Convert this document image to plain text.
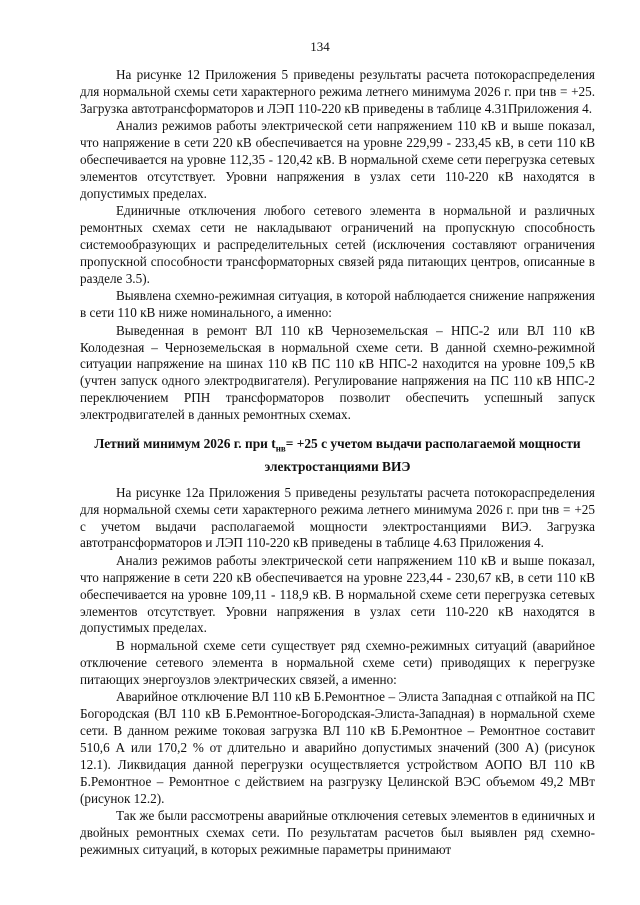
134

На рисунке 12 Приложения 5 приведены результаты расчета потокораспределения для нормальной схемы сети характерного режима летнего минимума 2026 г. при tнв = +25. Загрузка автотрансформаторов и ЛЭП 110-220 кВ приведены в таблице 4.31Приложения 4.

Анализ режимов работы электрической сети напряжением 110 кВ и выше показал, что напряжение в сети 220 кВ обеспечивается на уровне 229,99 - 233,45 кВ, в сети 110 кВ обеспечивается на уровне 112,35 - 120,42 кВ. В нормальной схеме сети перегрузка сетевых элементов отсутствует. Уровни напряжения в узлах сети 110-220 кВ находятся в допустимых пределах.

Единичные отключения любого сетевого элемента в нормальной и различных ремонтных схемах сети не накладывают ограничений на пропускную способность системообразующих и распределительных сетей (исключения составляют ограничения пропускной способности трансформаторных связей ряда питающих центров, описанные в разделе 3.5).

Выявлена схемно-режимная ситуация, в которой наблюдается снижение напряжения в сети 110 кВ ниже номинального, а именно:

Выведенная в ремонт ВЛ 110 кВ Черноземельская – НПС-2 или ВЛ 110 кВ Колодезная – Черноземельская в нормальной схеме сети. В данной схемно-режимной ситуации напряжение на шинах 110 кВ ПС 110 кВ НПС-2 находится на уровне 109,5 кВ (учтен запуск одного электродвигателя). Регулирование напряжения на ПС 110 кВ НПС-2 переключением РПН трансформаторов позволит обеспечить успешный запуск электродвигателей в данных ремонтных схемах.

Летний минимум 2026 г. при $t_{нв}= +25$ с учетом выдачи располагаемой мощности электростанциями ВИЭ

На рисунке 12а Приложения 5 приведены результаты расчета потокораспределения для нормальной схемы сети характерного режима летнего минимума 2026 г. при tнв = +25 с учетом выдачи располагаемой мощности электростанциями ВИЭ. Загрузка автотрансформаторов и ЛЭП 110-220 кВ приведены в таблице 4.63 Приложения 4.

Анализ режимов работы электрической сети напряжением 110 кВ и выше показал, что напряжение в сети 220 кВ обеспечивается на уровне 223,44 - 230,67 кВ, в сети 110 кВ обеспечивается на уровне 109,11 - 118,9 кВ. В нормальной схеме сети перегрузка сетевых элементов отсутствует. Уровни напряжения в узлах сети 110-220 кВ находятся в допустимых пределах.

В нормальной схеме сети существует ряд схемно-режимных ситуаций (аварийное отключение сетевого элемента в нормальной схеме сети) приводящих к перегрузке питающих энергоузлов электрических связей, а именно:

Аварийное отключение ВЛ 110 кВ Б.Ремонтное – Элиста Западная с отпайкой на ПС Богородская (ВЛ 110 кВ Б.Ремонтное-Богородская-Элиста-Западная) в нормальной схеме сети. В данном режиме токовая загрузка ВЛ 110 кВ Б.Ремонтное – Ремонтное составит 510,6 А или 170,2 % от длительно и аварийно допустимых значений (300 А) (рисунок 12.1). Ликвидация данной перегрузки осуществляется устройством АОПО ВЛ 110 кВ Б.Ремонтное – Ремонтное с действием на разгрузку Целинской ВЭС объемом 49,2 МВт (рисунок 12.2).

Так же были рассмотрены аварийные отключения сетевых элементов в единичных и двойных ремонтных схемах сети. По результатам расчетов был выявлен ряд схемно-режимных ситуаций, в которых режимные параметры принимают
